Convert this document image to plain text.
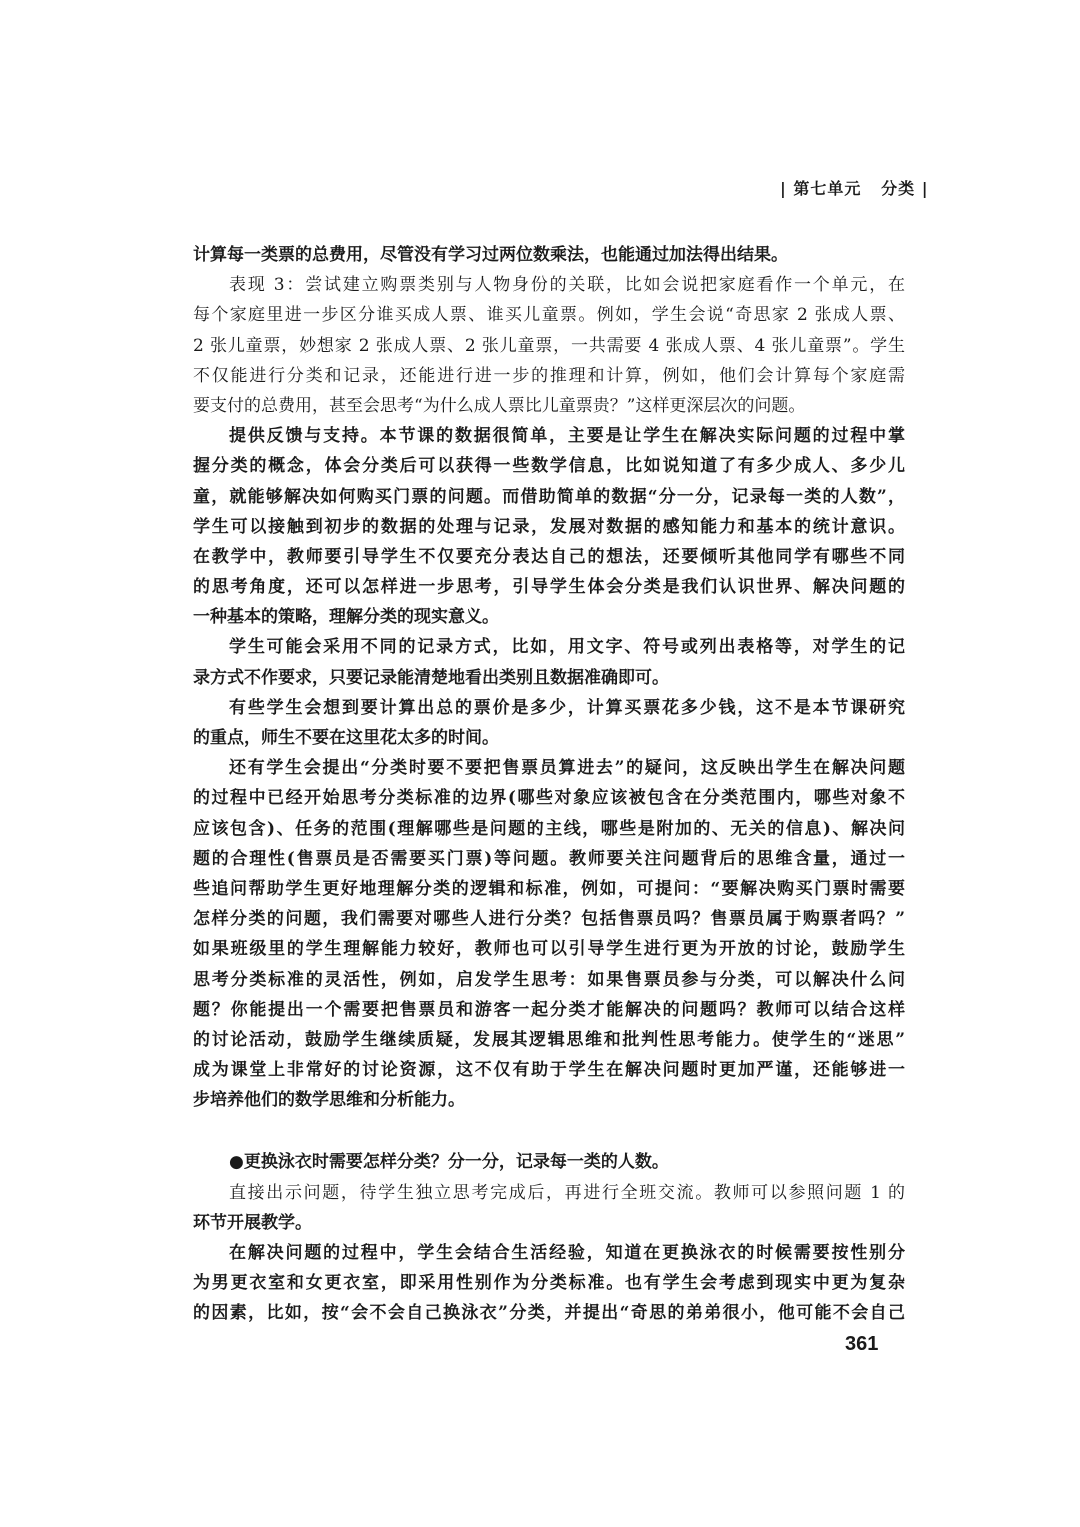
| 第七单元 分类 |
计算每一类票的总费用，尽管没有学习过两位数乘法，也能通过加法得出结果。
表现 3：尝试建立购票类别与人物身份的关联，比如会说把家庭看作一个单元，在
每个家庭里进一步区分谁买成人票、谁买儿童票。例如，学生会说“奇思家 2 张成人票、
2 张儿童票，妙想家 2 张成人票、2 张儿童票，一共需要 4 张成人票、4 张儿童票”。学生
不仅能进行分类和记录，还能进行进一步的推理和计算，例如，他们会计算每个家庭需
要支付的总费用，甚至会思考“为什么成人票比儿童票贵？”这样更深层次的问题。
提供反馈与支持。本节课的数据很简单，主要是让学生在解决实际问题的过程中掌
握分类的概念，体会分类后可以获得一些数学信息，比如说知道了有多少成人、多少儿
童，就能够解决如何购买门票的问题。而借助简单的数据“分一分，记录每一类的人数”，
学生可以接触到初步的数据的处理与记录，发展对数据的感知能力和基本的统计意识。
在教学中，教师要引导学生不仅要充分表达自己的想法，还要倾听其他同学有哪些不同
的思考角度，还可以怎样进一步思考，引导学生体会分类是我们认识世界、解决问题的
一种基本的策略，理解分类的现实意义。
学生可能会采用不同的记录方式，比如，用文字、符号或列出表格等，对学生的记
录方式不作要求，只要记录能清楚地看出类别且数据准确即可。
有些学生会想到要计算出总的票价是多少，计算买票花多少钱，这不是本节课研究
的重点，师生不要在这里花太多的时间。
还有学生会提出“分类时要不要把售票员算进去”的疑问，这反映出学生在解决问题
的过程中已经开始思考分类标准的边界(哪些对象应该被包含在分类范围内，哪些对象不
应该包含)、任务的范围(理解哪些是问题的主线，哪些是附加的、无关的信息)、解决问
题的合理性(售票员是否需要买门票)等问题。教师要关注问题背后的思维含量，通过一
些追问帮助学生更好地理解分类的逻辑和标准，例如，可提问：“要解决购买门票时需要
怎样分类的问题，我们需要对哪些人进行分类？包括售票员吗？售票员属于购票者吗？”
如果班级里的学生理解能力较好，教师也可以引导学生进行更为开放的讨论，鼓励学生
思考分类标准的灵活性，例如，启发学生思考：如果售票员参与分类，可以解决什么问
题？你能提出一个需要把售票员和游客一起分类才能解决的问题吗？教师可以结合这样
的讨论活动，鼓励学生继续质疑，发展其逻辑思维和批判性思考能力。使学生的“迷思”
成为课堂上非常好的讨论资源，这不仅有助于学生在解决问题时更加严谨，还能够进一
步培养他们的数学思维和分析能力。
●更换泳衣时需要怎样分类？分一分，记录每一类的人数。
直接出示问题，待学生独立思考完成后，再进行全班交流。教师可以参照问题 1 的
环节开展教学。
在解决问题的过程中，学生会结合生活经验，知道在更换泳衣的时候需要按性别分
为男更衣室和女更衣室，即采用性别作为分类标准。也有学生会考虑到现实中更为复杂
的因素，比如，按“会不会自己换泳衣”分类，并提出“奇思的弟弟很小，他可能不会自己
361
